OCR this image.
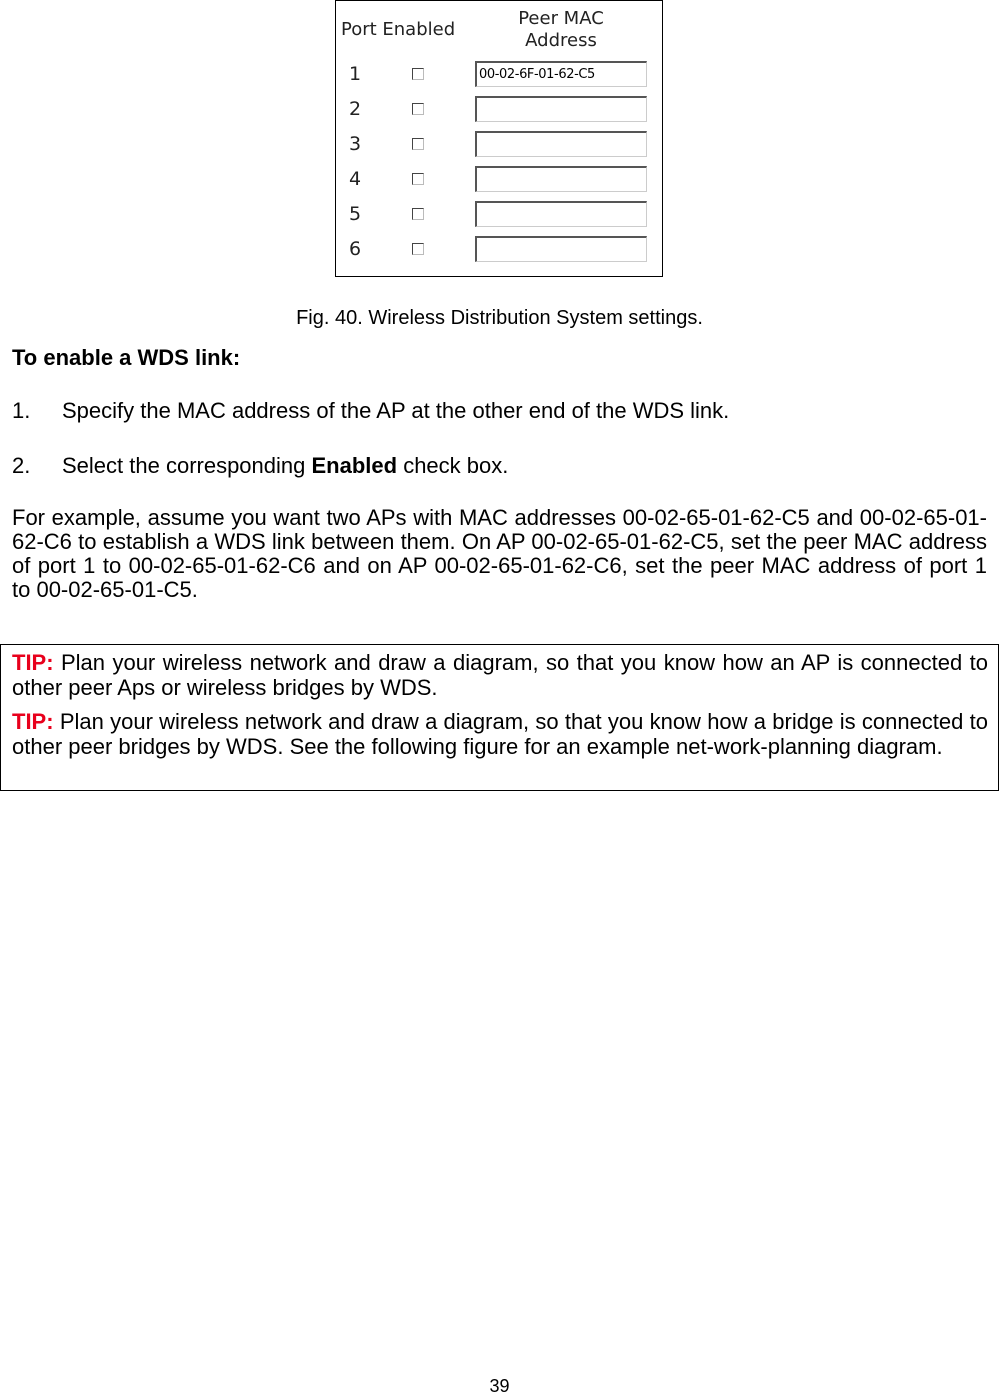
Port Enabled
Peer MAC
Address
1
00-02-6F-01-62-C5
2
3
4
5
6
Fig. 40. Wireless Distribution System settings.
To enable a WDS link:
1. Specify the MAC address of the AP at the other end of the WDS link.
2. Select the corresponding Enabled check box.

For example, assume you want two APs with MAC addresses 00-02-65-01-62-C5 and 00-02-65-01-62-C6 to establish a WDS link between them. On AP 00-02-65-01-62-C5, set the peer MAC address of port 1 to 00-02-65-01-62-C6 and on AP 00-02-65-01-62-C6, set the peer MAC address of port 1 to 00-02-65-01-C5.

TIP: Plan your wireless network and draw a diagram, so that you know how an AP is connected to other peer Aps or wireless bridges by WDS.

TIP: Plan your wireless network and draw a diagram, so that you know how a bridge is connected to other peer bridges by WDS. See the following figure for an example net-work-planning diagram.

39
